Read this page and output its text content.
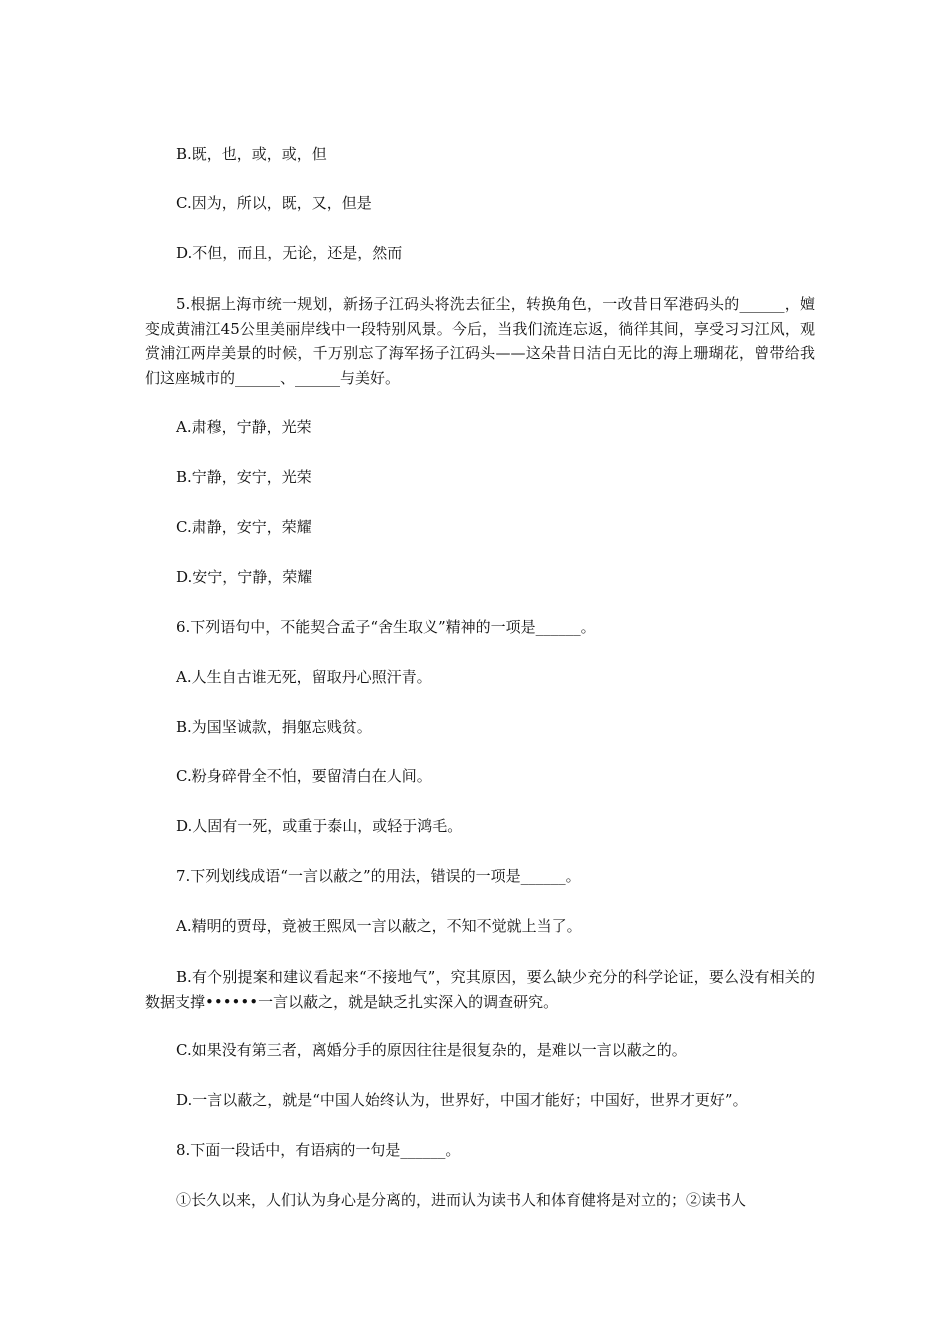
B.既，也，或，或，但
C.因为，所以，既，又，但是
D.不但，而且，无论，还是，然而
5.根据上海市统一规划，新扬子江码头将洗去征尘，转换角色，一改昔日军港码头的______，嬗变成黄浦江45公里美丽岸线中一段特别风景。今后，当我们流连忘返，徜徉其间，享受习习江风，观赏浦江两岸美景的时候，千万别忘了海军扬子江码头——这朵昔日洁白无比的海上珊瑚花，曾带给我们这座城市的______、______与美好。
A.肃穆，宁静，光荣
B.宁静，安宁，光荣
C.肃静，安宁，荣耀
D.安宁，宁静，荣耀
6.下列语句中，不能契合孟子“舍生取义”精神的一项是______。
A.人生自古谁无死，留取丹心照汗青。
B.为国坚诚款，捐躯忘贱贫。
C.粉身碎骨全不怕，要留清白在人间。
D.人固有一死，或重于泰山，或轻于鸿毛。
7.下列划线成语“一言以蔽之”的用法，错误的一项是______。
A.精明的贾母，竟被王熙凤一言以蔽之，不知不觉就上当了。
B.有个别提案和建议看起来“不接地气”，究其原因，要么缺少充分的科学论证，要么没有相关的数据支撑••••••一言以蔽之，就是缺乏扎实深入的调查研究。
C.如果没有第三者，离婚分手的原因往往是很复杂的，是难以一言以蔽之的。
D.一言以蔽之，就是“中国人始终认为，世界好，中国才能好；中国好，世界才更好”。
8.下面一段话中，有语病的一句是______。
①长久以来，人们认为身心是分离的，进而认为读书人和体育健将是对立的；②读书人
